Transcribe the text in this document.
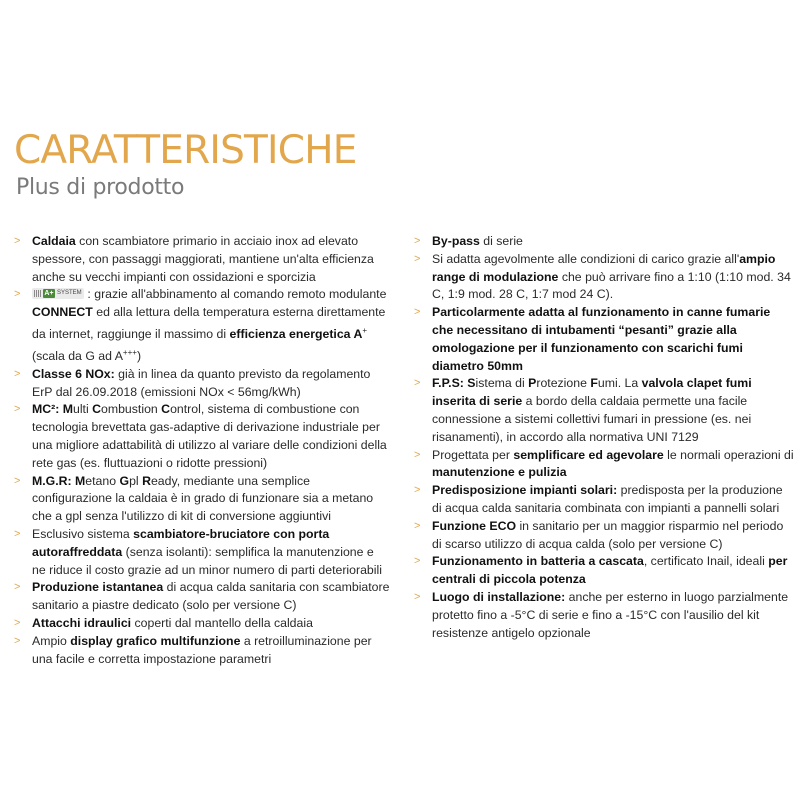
CARATTERISTICHE
Plus di prodotto
> Caldaia con scambiatore primario in acciaio inox ad elevato spessore, con passaggi maggiorati, mantiene un'alta efficienza anche su vecchi impianti con ossidazioni e sporcizia
> A+ SYSTEM : grazie all'abbinamento al comando remoto modulante CONNECT ed alla lettura della temperatura esterna direttamente da internet, raggiunge il massimo di efficienza energetica A+ (scala da G ad A+++)
> Classe 6 NOx: già in linea da quanto previsto da regolamento ErP dal 26.09.2018 (emissioni NOx < 56mg/kWh)
> MC²: Multi Combustion Control, sistema di combustione con tecnologia brevettata gas-adaptive di derivazione industriale per una migliore adattabilità di utilizzo al variare delle condizioni della rete gas (es. fluttuazioni o ridotte pressioni)
> M.G.R: Metano Gpl Ready, mediante una semplice configurazione la caldaia è in grado di funzionare sia a metano che a gpl senza l'utilizzo di kit di conversione aggiuntivi
> Esclusivo sistema scambiatore-bruciatore con porta autoraffreddata (senza isolanti): semplifica la manutenzione e ne riduce il costo grazie ad un minor numero di parti deteriorabili
> Produzione istantanea di acqua calda sanitaria con scambiatore sanitario a piastre dedicato (solo per versione C)
> Attacchi idraulici coperti dal mantello della caldaia
> Ampio display grafico multifunzione a retroilluminazione per una facile e corretta impostazione parametri
> By-pass di serie
> Si adatta agevolmente alle condizioni di carico grazie all'ampio range di modulazione che può arrivare fino a 1:10 (1:10 mod. 34 C, 1:9 mod. 28 C, 1:7 mod 24 C).
> Particolarmente adatta al funzionamento in canne fumarie che necessitano di intubamenti “pesanti” grazie alla omologazione per il funzionamento con scarichi fumi diametro 50mm
> F.P.S: Sistema di Protezione Fumi. La valvola clapet fumi inserita di serie a bordo della caldaia permette una facile connessione a sistemi collettivi fumari in pressione (es. nei risanamenti), in accordo alla normativa UNI 7129
> Progettata per semplificare ed agevolare le normali operazioni di manutenzione e pulizia
> Predisposizione impianti solari: predisposta per la produzione di acqua calda sanitaria combinata con impianti a pannelli solari
> Funzione ECO in sanitario per un maggior risparmio nel periodo di scarso utilizzo di acqua calda (solo per versione C)
> Funzionamento in batteria a cascata, certificato Inail, ideali per centrali di piccola potenza
> Luogo di installazione: anche per esterno in luogo parzialmente protetto fino a -5°C di serie e fino a -15°C con l'ausilio del kit resistenze antigelo opzionale
